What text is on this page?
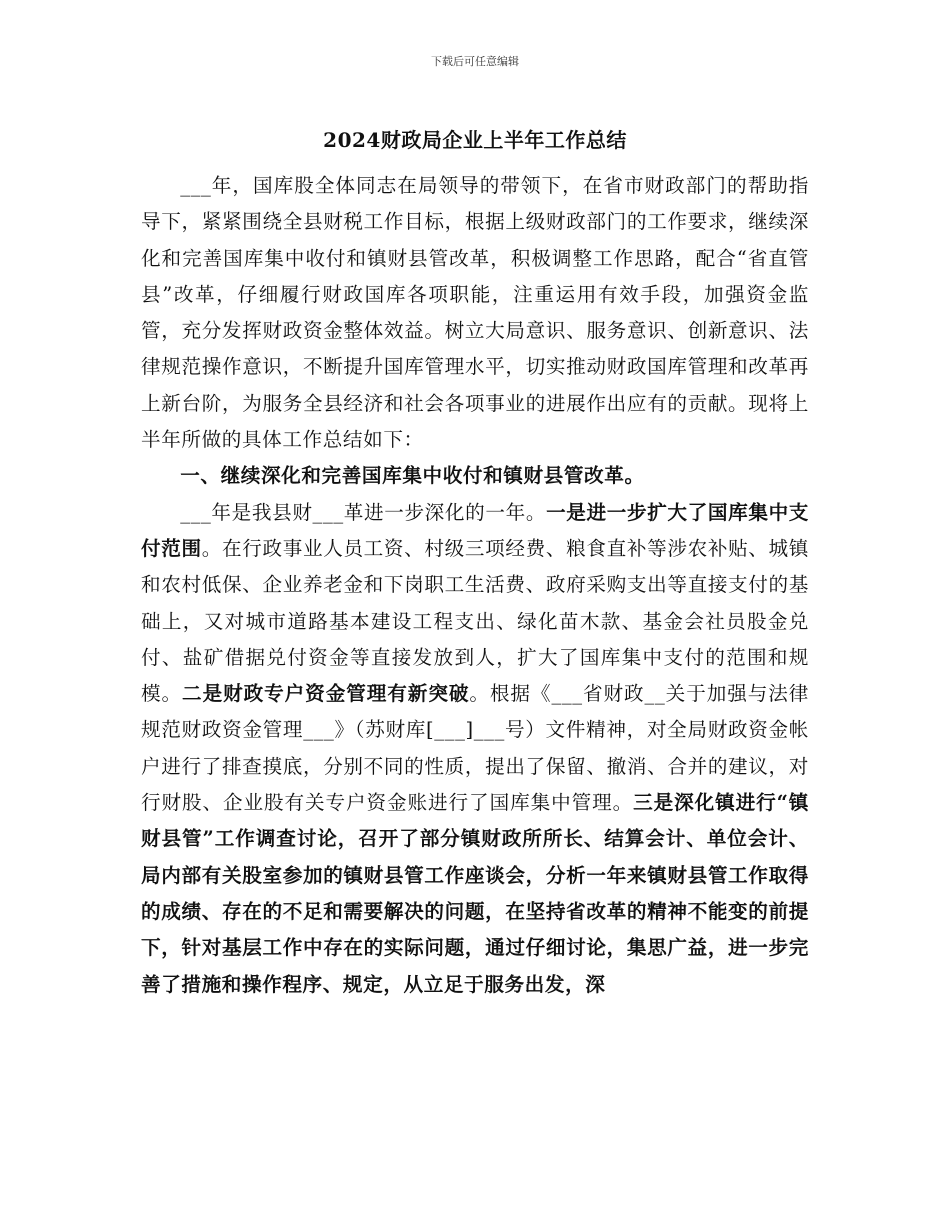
下载后可任意编辑
2024财政局企业上半年工作总结

___年，国库股全体同志在局领导的带领下，在省市财政部门的帮助指导下，紧紧围绕全县财税工作目标，根据上级财政部门的工作要求，继续深化和完善国库集中收付和镇财县管改革，积极调整工作思路，配合“省直管县”改革，仔细履行财政国库各项职能，注重运用有效手段，加强资金监管，充分发挥财政资金整体效益。树立大局意识、服务意识、创新意识、法律规范操作意识，不断提升国库管理水平，切实推动财政国库管理和改革再上新台阶，为服务全县经济和社会各项事业的进展作出应有的贡献。现将上半年所做的具体工作总结如下：

一、继续深化和完善国库集中收付和镇财县管改革。

___年是我县财___革进一步深化的一年。一是进一步扩大了国库集中支付范围。在行政事业人员工资、村级三项经费、粮食直补等涉农补贴、城镇和农村低保、企业养老金和下岗职工生活费、政府采购支出等直接支付的基础上，又对城市道路基本建设工程支出、绿化苗木款、基金会社员股金兑付、盐矿借据兑付资金等直接发放到人，扩大了国库集中支付的范围和规模。二是财政专户资金管理有新突破。根据《___省财政__关于加强与法律规范财政资金管理___》（苏财库[___]___号）文件精神，对全局财政资金帐户进行了排查摸底，分别不同的性质，提出了保留、撤消、合并的建议，对行财股、企业股有关专户资金账进行了国库集中管理。三是深化镇进行“镇财县管”工作调查讨论，召开了部分镇财政所所长、结算会计、单位会计、局内部有关股室参加的镇财县管工作座谈会，分析一年来镇财县管工作取得的成绩、存在的不足和需要解决的问题，在坚持省改革的精神不能变的前提下，针对基层工作中存在的实际问题，通过仔细讨论，集思广益，进一步完善了措施和操作程序、规定，从立足于服务出发，深
